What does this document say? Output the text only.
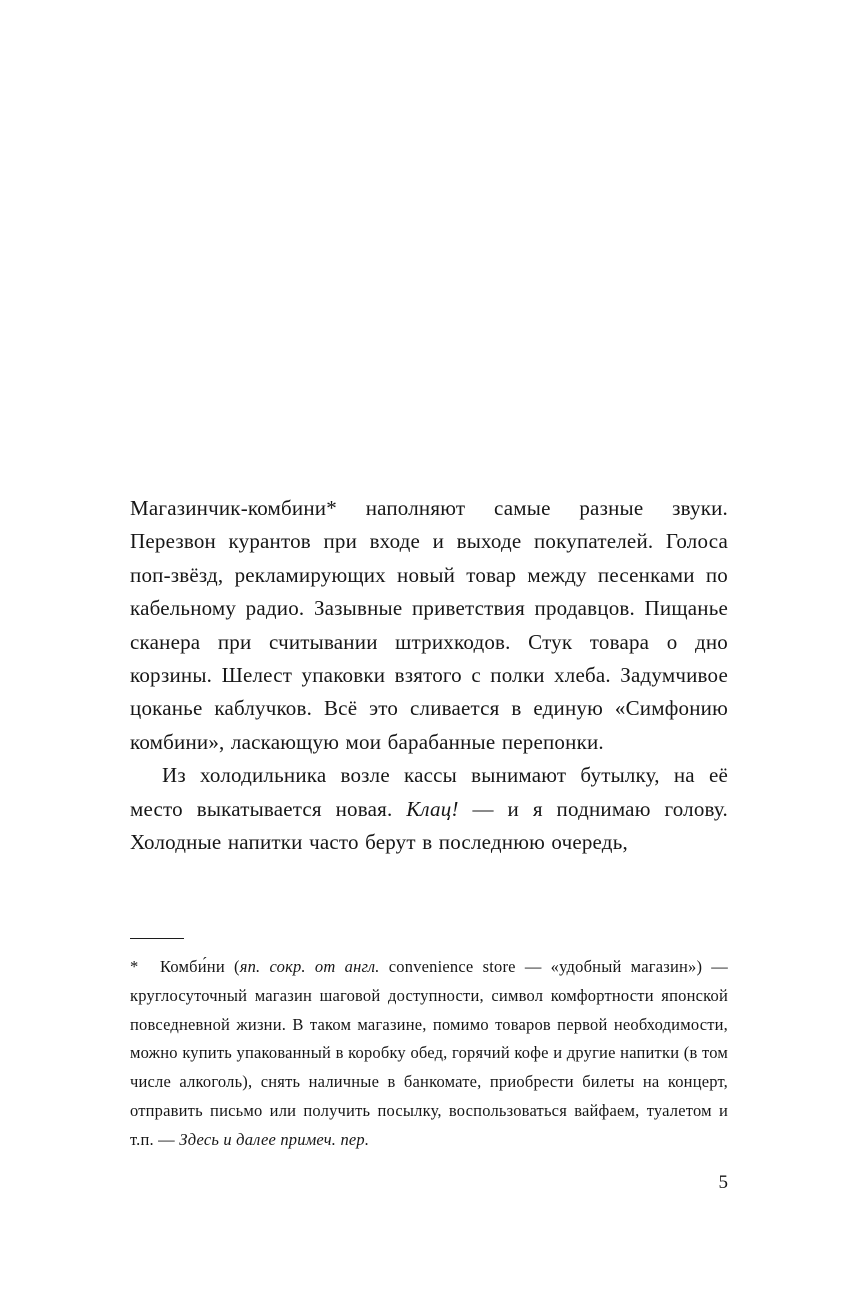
Магазинчик-комбини* наполняют самые разные звуки. Перезвон курантов при входе и выходе покупателей. Голоса поп-звёзд, рекламирующих новый товар между песенками по кабельному радио. Зазывные приветствия продавцов. Пищанье сканера при считывании штрихкодов. Стук товара о дно корзины. Шелест упаковки взятого с полки хлеба. Задумчивое цоканье каблучков. Всё это сливается в единую «Симфонию комбини», ласкающую мои барабанные перепонки.

Из холодильника возле кассы вынимают бутылку, на её место выкатывается новая. Клац! — и я поднимаю голову. Холодные напитки часто берут в последнюю очередь,

* Комби́ни (яп. сокр. от англ. convenience store — «удобный магазин») — круглосуточный магазин шаговой доступности, символ комфортности японской повседневной жизни. В таком магазине, помимо товаров первой необходимости, можно купить упакованный в коробку обед, горячий кофе и другие напитки (в том числе алкоголь), снять наличные в банкомате, приобрести билеты на концерт, отправить письмо или получить посылку, воспользоваться вайфаем, туалетом и т.п. — Здесь и далее примеч. пер.

5
